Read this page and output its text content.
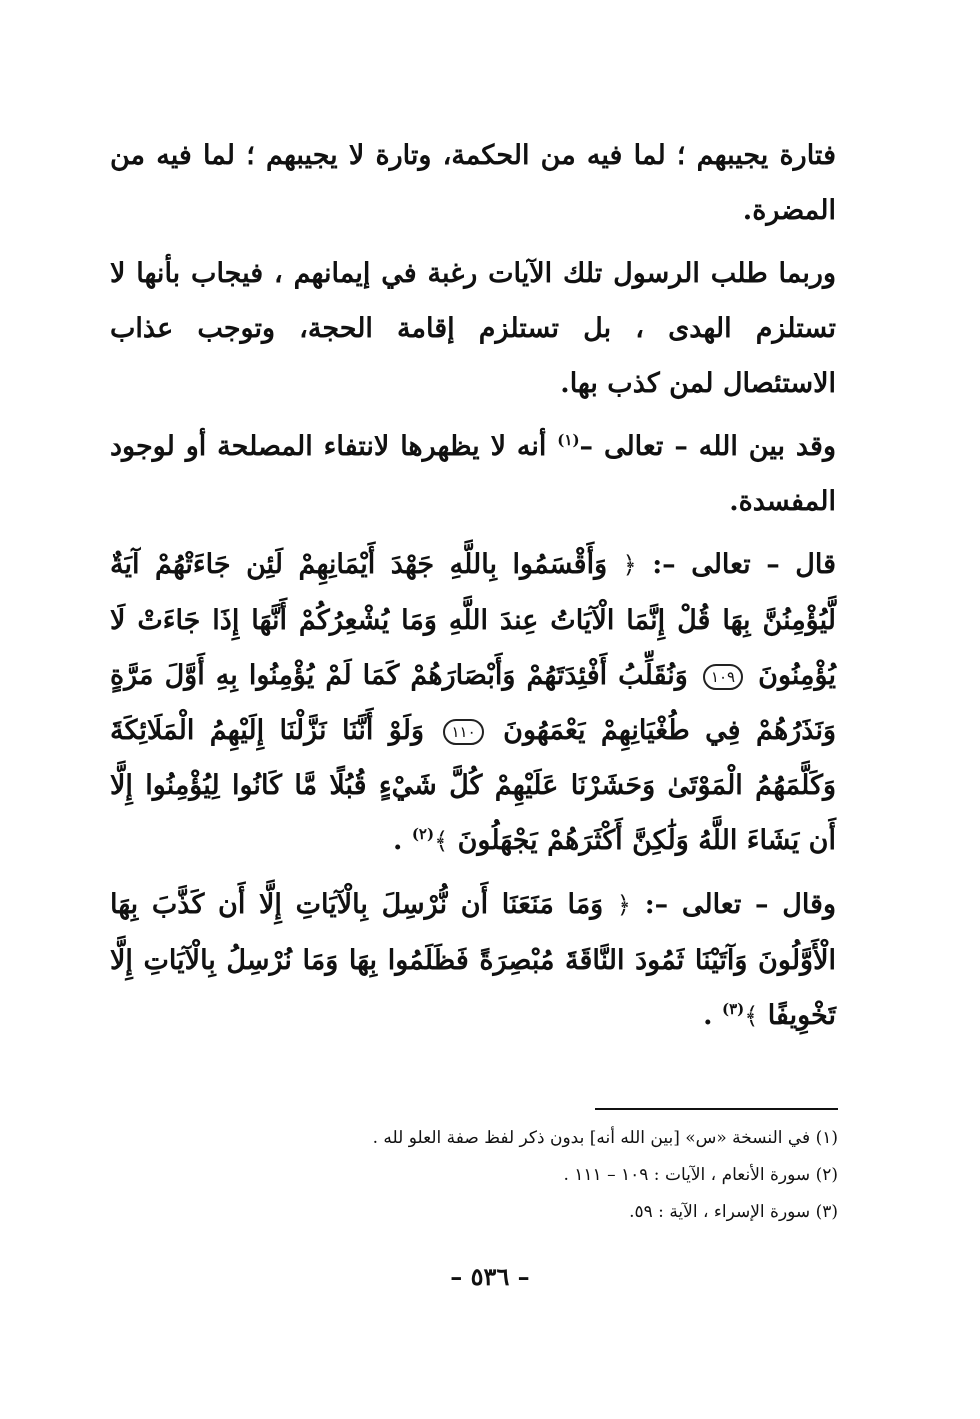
فتارة يجيبهم ؛ لما فيه من الحكمة، وتارة لا يجيبهم ؛ لما فيه من المضرة.

وربما طلب الرسول تلك الآيات رغبة في إيمانهم ، فيجاب بأنها لا تستلزم الهدى ، بل تستلزم إقامة الحجة، وتوجب عذاب الاستئصال لمن كذب بها.

وقد بين الله – تعالى –$^{(١)}$ أنه لا يظهرها لانتفاء المصلحة أو لوجود المفسدة.

قال – تعالى –: ﴿ وَأَقْسَمُوا بِاللَّهِ جَهْدَ أَيْمَانِهِمْ لَئِن جَاءَتْهُمْ آيَةٌ لَّيُؤْمِنُنَّ بِهَا قُلْ إِنَّمَا الْآيَاتُ عِندَ اللَّهِ وَمَا يُشْعِرُكُمْ أَنَّهَا إِذَا جَاءَتْ لَا يُؤْمِنُونَ ١٠٩ وَنُقَلِّبُ أَفْئِدَتَهُمْ وَأَبْصَارَهُمْ كَمَا لَمْ يُؤْمِنُوا بِهِ أَوَّلَ مَرَّةٍ وَنَذَرُهُمْ فِي طُغْيَانِهِمْ يَعْمَهُونَ ١١٠ وَلَوْ أَنَّنَا نَزَّلْنَا إِلَيْهِمُ الْمَلَائِكَةَ وَكَلَّمَهُمُ الْمَوْتَىٰ وَحَشَرْنَا عَلَيْهِمْ كُلَّ شَيْءٍ قُبُلًا مَّا كَانُوا لِيُؤْمِنُوا إِلَّا أَن يَشَاءَ اللَّهُ وَلَٰكِنَّ أَكْثَرَهُمْ يَجْهَلُونَ ﴾$^{(٢)}$ .

وقال – تعالى –: ﴿ وَمَا مَنَعَنَا أَن نُّرْسِلَ بِالْآيَاتِ إِلَّا أَن كَذَّبَ بِهَا الْأَوَّلُونَ وَآتَيْنَا ثَمُودَ النَّاقَةَ مُبْصِرَةً فَظَلَمُوا بِهَا وَمَا نُرْسِلُ بِالْآيَاتِ إِلَّا تَخْوِيفًا ﴾$^{(٣)}$ .

(١) في النسخة «س» [بين الله أنه] بدون ذكر لفظ صفة العلو لله .

(٢) سورة الأنعام ، الآيات : ١٠٩ – ١١١ .

(٣) سورة الإسراء ، الآية : ٥٩.

– ٥٣٦ –
